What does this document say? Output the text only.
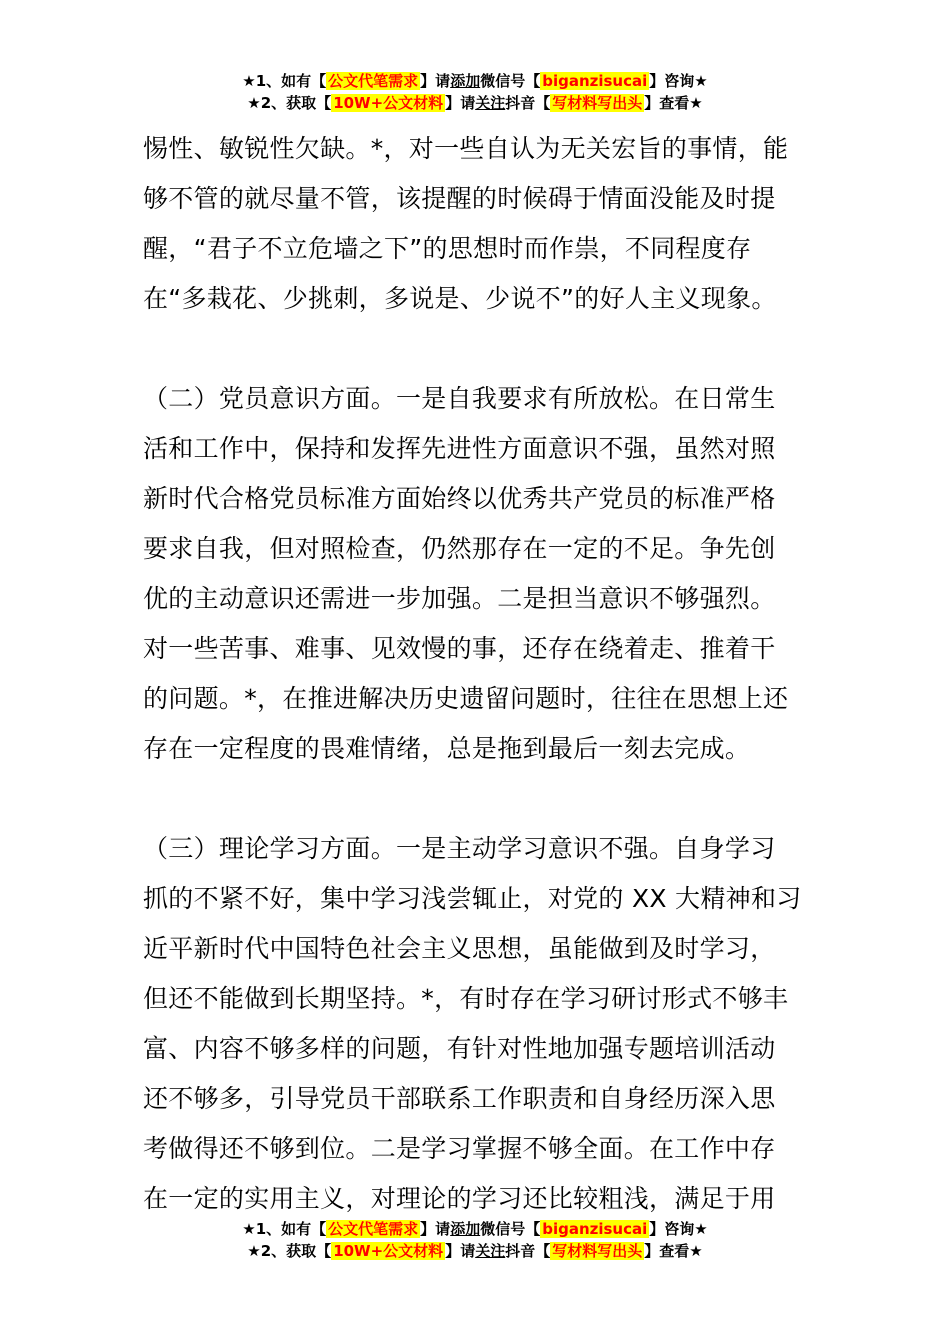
★1、如有【 公文代笔需求 】请添加微信号【 biganzisucai 】咨询★
★2、获取【 10W+公文材料 】请关注抖音【 写材料写出头 】查看★
惕性、敏锐性欠缺。*，对一些自认为无关宏旨的事情，能
够不管的就尽量不管，该提醒的时候碍于情面没能及时提
醒，“君子不立危墙之下”的思想时而作祟，不同程度存
在“多栽花、少挑刺，多说是、少说不”的好人主义现象。
（二）党员意识方面。一是自我要求有所放松。在日常生
活和工作中，保持和发挥先进性方面意识不强，虽然对照
新时代合格党员标准方面始终以优秀共产党员的标准严格
要求自我，但对照检查，仍然那存在一定的不足。争先创
优的主动意识还需进一步加强。二是担当意识不够强烈。
对一些苦事、难事、见效慢的事，还存在绕着走、推着干
的问题。*，在推进解决历史遗留问题时，往往在思想上还
存在一定程度的畏难情绪，总是拖到最后一刻去完成。
（三）理论学习方面。一是主动学习意识不强。自身学习
抓的不紧不好，集中学习浅尝辄止，对党的 XX 大精神和习
近平新时代中国特色社会主义思想，虽能做到及时学习，
但还不能做到长期坚持。*，有时存在学习研讨形式不够丰
富、内容不够多样的问题，有针对性地加强专题培训活动
还不够多，引导党员干部联系工作职责和自身经历深入思
考做得还不够到位。二是学习掌握不够全面。在工作中存
在一定的实用主义，对理论的学习还比较粗浅，满足于用
★1、如有【 公文代笔需求 】请添加微信号【 biganzisucai 】咨询★
★2、获取【 10W+公文材料 】请关注抖音【 写材料写出头 】查看★
